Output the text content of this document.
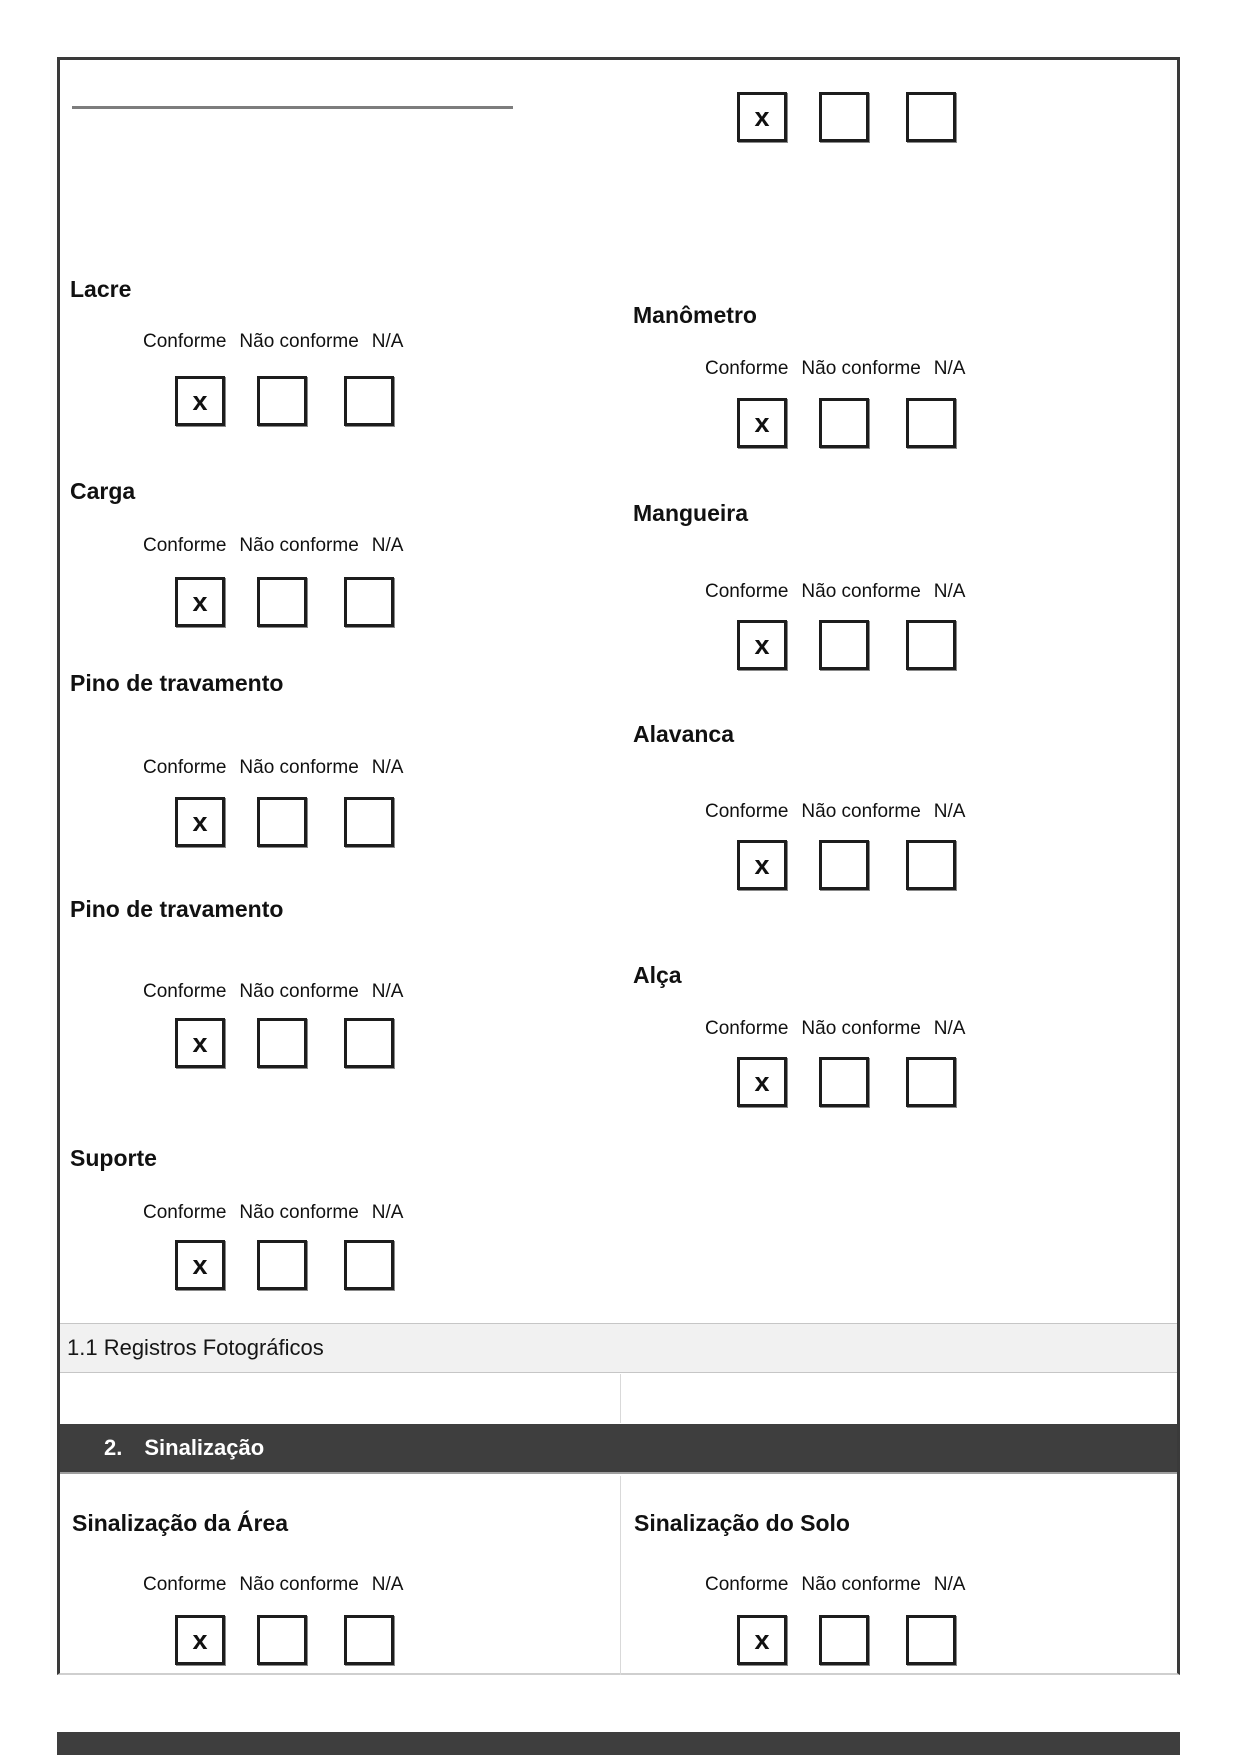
x
Lacre
Conforme Não conforme N/A
x
Carga
Conforme Não conforme N/A
x
Pino de travamento
Conforme Não conforme N/A
x
Pino de travamento
Conforme Não conforme N/A
x
Suporte
Conforme Não conforme N/A
x
Manômetro
Conforme Não conforme N/A
x
Mangueira
Conforme Não conforme N/A
x
Alavanca
Conforme Não conforme N/A
x
Alça
Conforme Não conforme N/A
x
1.1 Registros Fotográficos
2. Sinalização
Sinalização da Área
Conforme Não conforme N/A
x
Sinalização do Solo
Conforme Não conforme N/A
x
